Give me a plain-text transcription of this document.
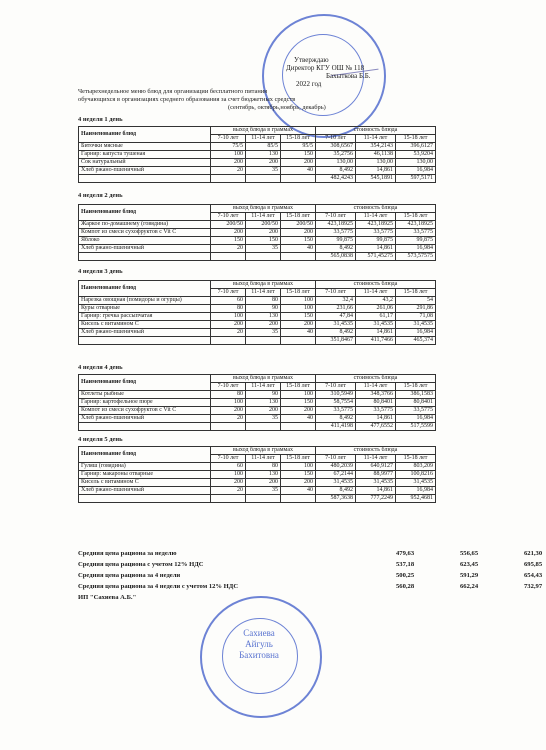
Утверждаю
Директор КГУ ОШ № 118
Бахыткова Б.Б.
2022 год
Четырехнедельное меню блюд для организации бесплатного питания
обучающихся в организациях среднего образования за счет бюджетных средств
(сентябрь, октябрь,ноябрь, декабрь)
4 неделя 1 день
Наименование блюд	выход блюда в граммах			стоимость блюда		
	7-10 лет	11-14 лет	15-18 лет	7-10 лет	11-14 лет	15-18 лет
Биточки мясные	75/5	85/5	95/5	308,6567	354,2143	396,6127
Гарнир: капуста тушеная	100	130	150	35,2756	46,1138	53,9204
Сок натуральный	200	200	200	130,00	130,00	130,00
Хлеб ржано-пшеничный	20	35	40	8,492	14,861	16,984
				482,4243	545,1891	597,5171
4 неделя 2 день
Наименование блюд	выход блюда в граммах			стоимость блюда		
	7-10 лет	11-14 лет	15-18 лет	7-10 лет	11-14 лет	15-18 лет
Жаркое по-домашнему (говядина)	200/50	200/50	200/50	423,18925	423,18925	423,18925
Компот из смеси сухофруктов с Vit C	200	200	200	33,5775	33,5775	33,5775
Яблоко	150	150	150	99,875	99,875	99,875
Хлеб ржано-пшеничный	20	35	40	8,492	14,861	16,984
				565,0838	571,45275	573,57575
4 неделя 3 день
Наименование блюд	выход блюда в граммах			стоимость блюда		
	7-10 лет	11-14 лет	15-18 лет	7-10 лет	11-14 лет	15-18 лет
Нарезка овощная (помидоры и огурцы)	60	80	100	32,4	43,2	54
Куры отварные	80	90	100	231,66	261,06	291,86
Гарнир: гречка рассыпчатая	100	130	150	47,84	61,17	71,08
Кисель с витамином С	200	200	200	31,4535	31,4535	31,4535
Хлеб ржано-пшеничный	20	35	40	8,492	14,861	16,984
				351,8467	411,7466	465,374
4 неделя 4 день
Наименование блюд	выход блюда в граммах			стоимость блюда		
	7-10 лет	11-14 лет	15-18 лет	7-10 лет	11-14 лет	15-18 лет
Котлеты рыбные	80	90	100	310,5949	348,3766	386,1583
Гарнир: картофельное пюре	100	130	150	58,7554	80,8401	80,8401
Компот из смеси сухофруктов с Vit C	200	200	200	33,5775	33,5775	33,5775
Хлеб ржано-пшеничный	20	35	40	8,492	14,861	16,984
				411,4198	477,6552	517,5599
4 неделя 5 день
Наименование блюд	выход блюда в граммах			стоимость блюда		
	7-10 лет	11-14 лет	15-18 лет	7-10 лет	11-14 лет	15-18 лет
Гуляш (говядина)	60	80	100	480,2039	640,9127	803,209
Гарнир: макароны отварные	100	130	150	67,2144	88,9977	100,8216
Кисель с витамином С	200	200	200	31,4535	31,4535	31,4535
Хлеб ржано-пшеничный	20	35	40	8,492	14,861	16,984
				587,3638	777,2249	952,4681
Средняя цена рациона за неделю	479,63	556,65	621,30
Средняя цена рациона с учетом 12% НДС	537,18	623,45	695,85
Средняя цена рациона за 4 недели	500,25	591,29	654,43
Средняя цена рациона за 4 недели с учетом 12% НДС	560,28	662,24	732,97
ИП "Сахиева А.Б."
Сахиева
Айгуль
Бахитовна
